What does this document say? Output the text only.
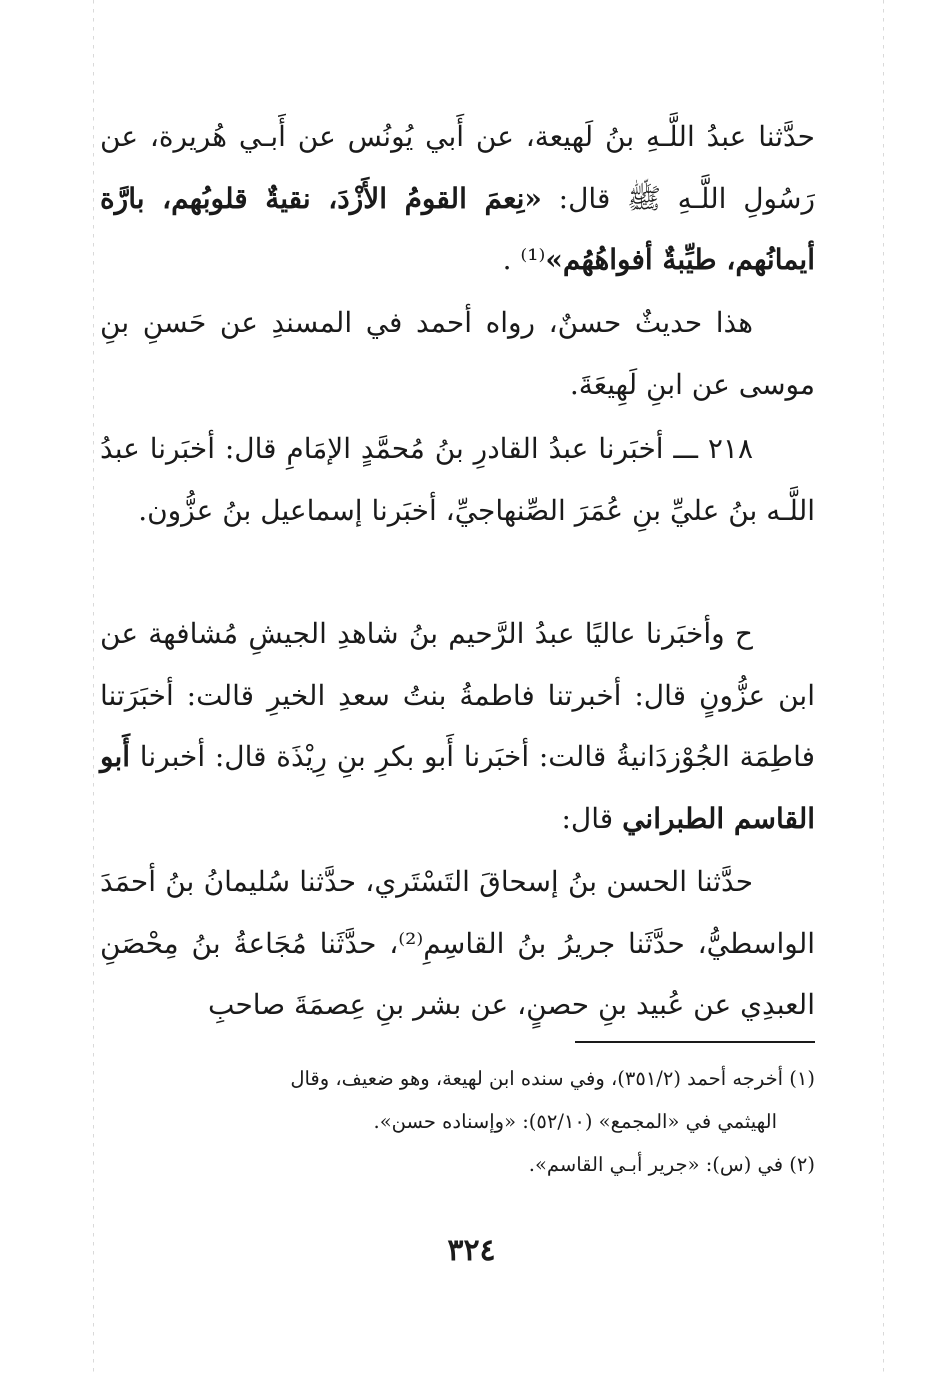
حدَّثنا عبدُ اللَّـهِ بنُ لَهيعة، عن أَبي يُونُس عن أَبـي هُريرة، عن رَسُولِ اللَّـهِ ﷺ قال: «نِعمَ القومُ الأَزْدَ، نقيةٌ قلوبُهم، بارَّة أيمانُهم، طيِّبةٌ أفواهُهُم»⁽¹⁾ .

هذا حديثٌ حسنٌ، رواه أحمد في المسندِ عن حَسنِ بنِ موسى عن ابنِ لَهِيعَةَ.

٢١٨ ـــ أخبَرنا عبدُ القادرِ بنُ مُحمَّدٍ الإمَامِ قال: أخبَرنا عبدُ اللَّـه بنُ عليِّ بنِ عُمَرَ الصِّنهاجيِّ، أخبَرنا إسماعيل بنُ عزُّون.

ح وأخبَرنا عاليًا عبدُ الرَّحيم بنُ شاهدِ الجيشِ مُشافهة عن ابن عزُّونٍ قال: أخبرتنا فاطمةُ بنتُ سعدِ الخيرِ قالت: أخبَرَتنا فاطِمَة الجُوْزدَانيةُ قالت: أخبَرنا أَبو بكرِ بنِ رِيْذَة قال: أخبرنا أَبو القاسم الطبراني قال:

حدَّثنا الحسن بنُ إسحاقَ التَسْتَري، حدَّثنا سُليمانُ بنُ أحمَدَ الواسطيُّ، حدَّثَنا جريرُ بنُ القاسِمِ⁽²⁾، حدَّثَنا مُجَاعةُ بنُ مِحْصَنِ العبدِي عن عُبيد بنِ حصنٍ، عن بشر بنِ عِصمَةَ صاحبِ

(١) أخرجه أحمد (٣٥١/٢)، وفي سنده ابن لهيعة، وهو ضعيف، وقال

الهيثمي في «المجمع» (٥٢/١٠): «وإسناده حسن».

(٢) في (س): «جرير أبـي القاسم».

٣٢٤
